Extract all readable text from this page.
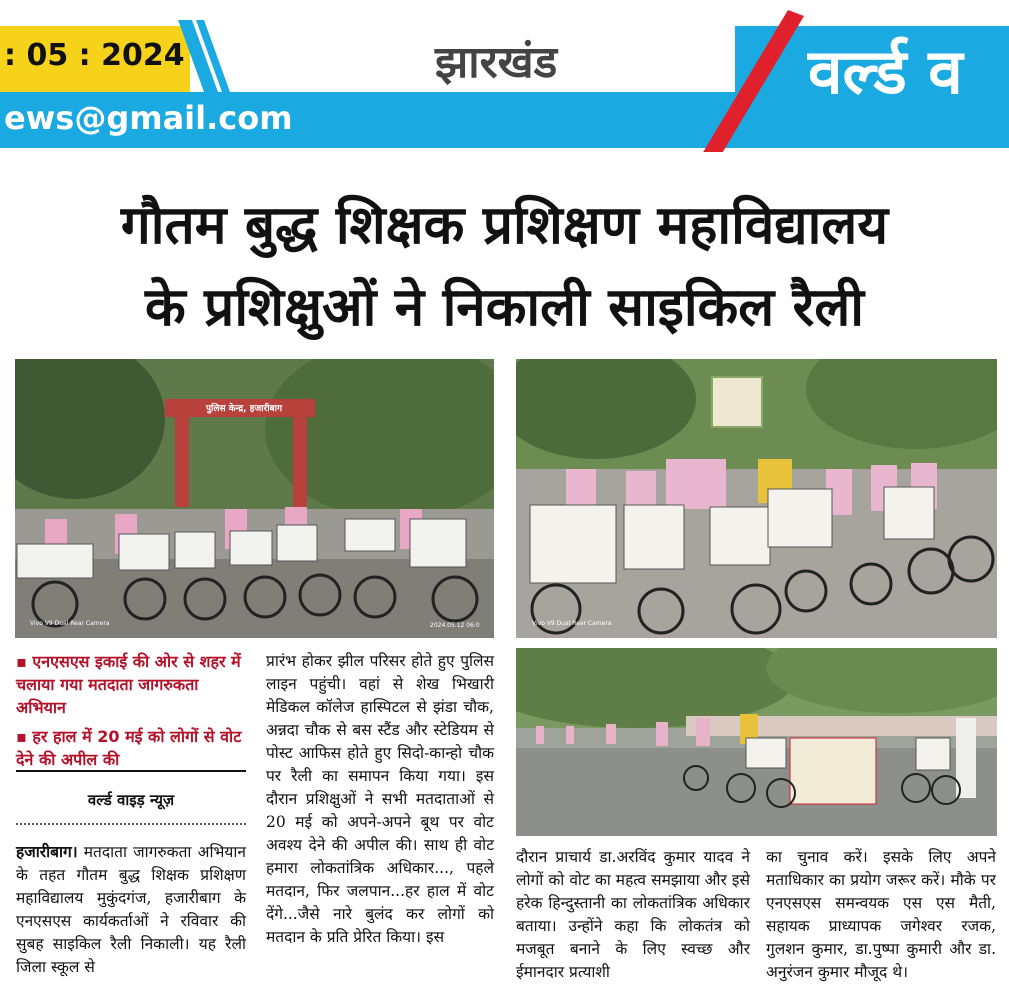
: 05 : 2024
ews@gmail.com
झारखंड	वर्ल्ड व
गौतम बुद्ध शिक्षक प्रशिक्षण महाविद्यालय
के प्रशिक्षुओं ने निकाली साइकिल रैली
पुलिस केन्द्र, हजारीबाग
Vivo V9 Dual Rear Camera	2024.05.12 06:0	Vivo V9 Dual Rear Camera
▪ एनएसएस इकाई की ओर से शहर में चलाया गया मतदाता जागरुकता अभियान
▪ हर हाल में 20 मई को लोगों से वोट देने की अपील की
वर्ल्ड वाइड़ न्यूज़

हजारीबाग। मतदाता जागरुकता अभियान के तहत गौतम बुद्ध शिक्षक प्रशिक्षण महाविद्यालय मुकुंदगंज, हजारीबाग के एनएसएस कार्यकर्ताओं ने रविवार की सुबह साइकिल रैली निकाली। यह रैली जिला स्कूल से

प्रारंभ होकर झील परिसर होते हुए पुलिस लाइन पहुंची। वहां से शेख भिखारी मेडिकल कॉलेज हास्पिटल से झंडा चौक, अन्नदा चौक से बस स्टैंड और स्टेडियम से पोस्ट आफिस होते हुए सिदो-कान्हो चौक पर रैली का समापन किया गया। इस दौरान प्रशिक्षुओं ने सभी मतदाताओं से 20 मई को अपने-अपने बूथ पर वोट अवश्य देने की अपील की। साथ ही वोट हमारा लोकतांत्रिक अधिकार..., पहले मतदान, फिर जलपान...हर हाल में वोट देंगे...जैसे नारे बुलंद कर लोगों को मतदान के प्रति प्रेरित किया। इस

दौरान प्राचार्य डा.अरविंद कुमार यादव ने लोगों को वोट का महत्व समझाया और इसे हरेक हिन्दुस्तानी का लोकतांत्रिक अधिकार बताया। उन्होंने कहा कि लोकतंत्र को मजबूत बनाने के लिए स्वच्छ और ईमानदार प्रत्याशी

का चुनाव करें। इसके लिए अपने मताधिकार का प्रयोग जरूर करें। मौके पर एनएसएस समन्वयक एस एस मैती, सहायक प्राध्यापक जगेश्वर रजक, गुलशन कुमार, डा.पुष्पा कुमारी और डा. अनुरंजन कुमार मौजूद थे।
